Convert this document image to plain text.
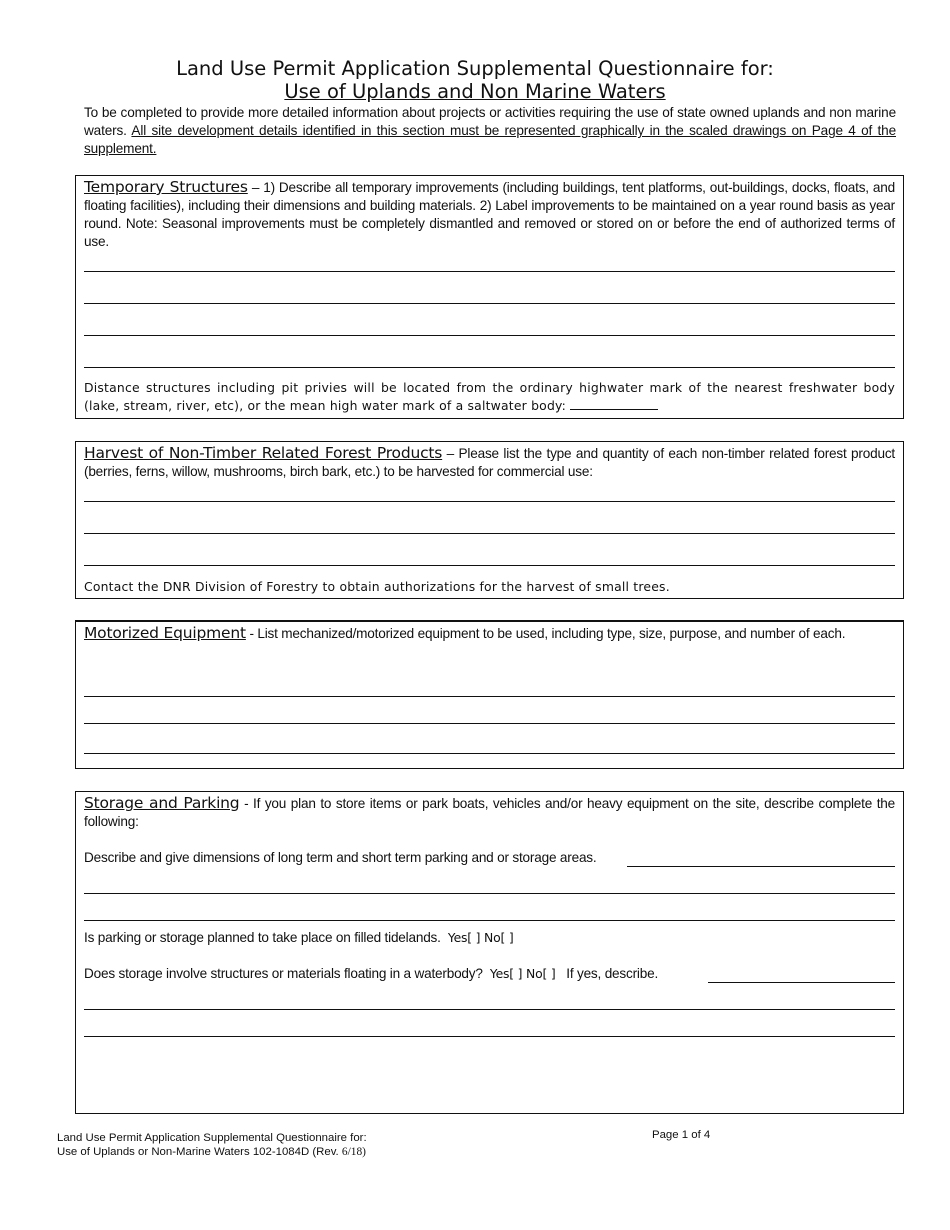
Land Use Permit Application Supplemental Questionnaire for:
Use of Uplands and Non Marine Waters
To be completed to provide more detailed information about projects or activities requiring the use of state owned uplands and non marine waters. All site development details identified in this section must be represented graphically in the scaled drawings on Page 4 of the supplement.
Temporary Structures – 1) Describe all temporary improvements (including buildings, tent platforms, out-buildings, docks, floats, and floating facilities), including their dimensions and building materials. 2) Label improvements to be maintained on a year round basis as year round. Note: Seasonal improvements must be completely dismantled and removed or stored on or before the end of authorized terms of use.
Distance structures including pit privies will be located from the ordinary highwater mark of the nearest freshwater body (lake, stream, river, etc), or the mean high water mark of a saltwater body:
Harvest of Non-Timber Related Forest Products – Please list the type and quantity of each non-timber related forest product (berries, ferns, willow, mushrooms, birch bark, etc.) to be harvested for commercial use:
Contact the DNR Division of Forestry to obtain authorizations for the harvest of small trees.
Motorized Equipment - List mechanized/motorized equipment to be used, including type, size, purpose, and number of each.
Storage and Parking - If you plan to store items or park boats, vehicles and/or heavy equipment on the site, describe complete the following:
Describe and give dimensions of long term and short term parking and or storage areas.
Is parking or storage planned to take place on filled tidelands. Yes[ ] No[ ]
Does storage involve structures or materials floating in a waterbody? Yes[ ] No[ ] If yes, describe.
Land Use Permit Application Supplemental Questionnaire for:
Use of Uplands or Non-Marine Waters 102-1084D (Rev. 6/18)
Page 1 of 4
